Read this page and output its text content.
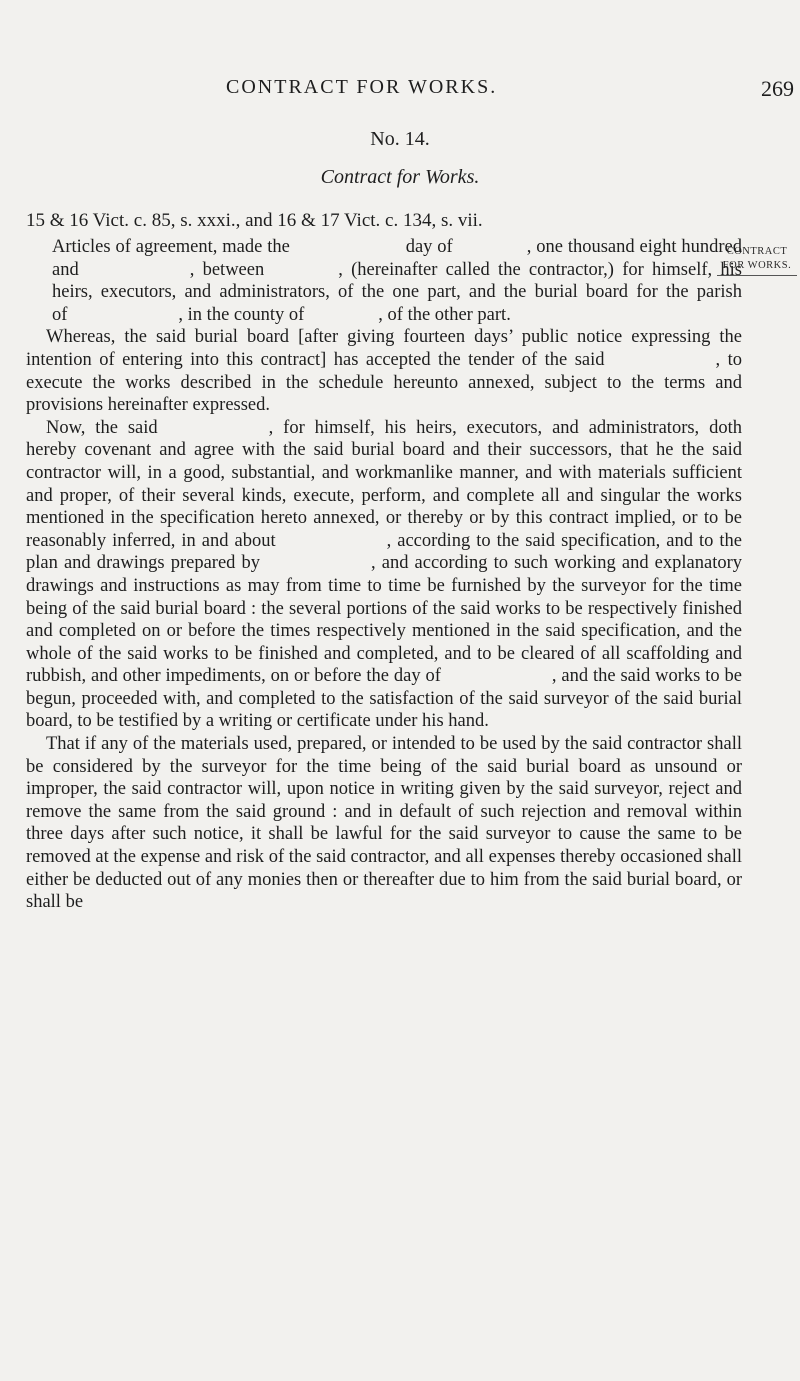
CONTRACT FOR WORKS.	269
No. 14.
Contract for Works.
15 & 16 Vict. c. 85, s. xxxi., and 16 & 17 Vict. c. 134, s. vii.
CONTRACT
FOR WORKS.

Articles of agreement, made the       day of    , one thousand eight hundred and      , between    , (hereinafter called the contractor,) for himself, his heirs, executors, and administrators, of the one part, and the burial board for the parish of      , in the county of    , of the other part.

Whereas, the said burial board [after giving fourteen days’ public notice expressing the intention of entering into this contract] has accepted the tender of the said      , to execute the works described in the schedule hereunto annexed, subject to the terms and provisions hereinafter expressed.

Now, the said      , for himself, his heirs, executors, and administrators, doth hereby covenant and agree with the said burial board and their successors, that he the said contractor will, in a good, substantial, and workmanlike manner, and with materials sufficient and proper, of their several kinds, execute, perform, and complete all and singular the works mentioned in the specification hereto annexed, or thereby or by this contract implied, or to be reasonably inferred, in and about      , according to the said specification, and to the plan and drawings prepared by      , and according to such working and explanatory drawings and instructions as may from time to time be furnished by the surveyor for the time being of the said burial board : the several portions of the said works to be respectively finished and completed on or before the times respectively mentioned in the said specification, and the whole of the said works to be finished and completed, and to be cleared of all scaffolding and rubbish, and other impediments, on or before the day of      , and the said works to be begun, proceeded with, and completed to the satisfaction of the said surveyor of the said burial board, to be testified by a writing or certificate under his hand.

That if any of the materials used, prepared, or intended to be used by the said contractor shall be considered by the surveyor for the time being of the said burial board as unsound or improper, the said contractor will, upon notice in writing given by the said surveyor, reject and remove the same from the said ground : and in default of such rejection and removal within three days after such notice, it shall be lawful for the said surveyor to cause the same to be removed at the expense and risk of the said contractor, and all expenses thereby occasioned shall either be deducted out of any monies then or thereafter due to him from the said burial board, or shall be
